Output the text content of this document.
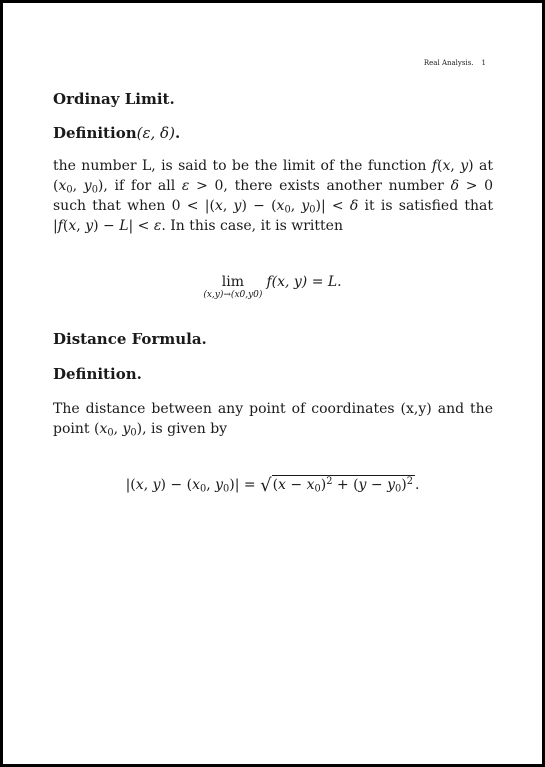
Real Analysis. 1
Ordinay Limit.
Definition(ε, δ).

the number L, is said to be the limit of the function f(x, y) at ($x_0$, $y_0$), if for all ε > 0, there exists another number δ > 0 such that when 0 < |(x, $y) - (x_0$, $y_0)| < \delta$ it is satisfied that |f(x, y) − L| < ε. In this case, it is written

lim
(x,y)→(x0,y0)
f(x, y) = L.
Distance Formula.
Definition.

The distance between any point of coordinates (x,y) and the point ($x_0$, $y_0$), is given by

|(x, $y) - (x_0$, $y_0)| = √(x - x_0)^2 + (y - y_0)^2$ .
